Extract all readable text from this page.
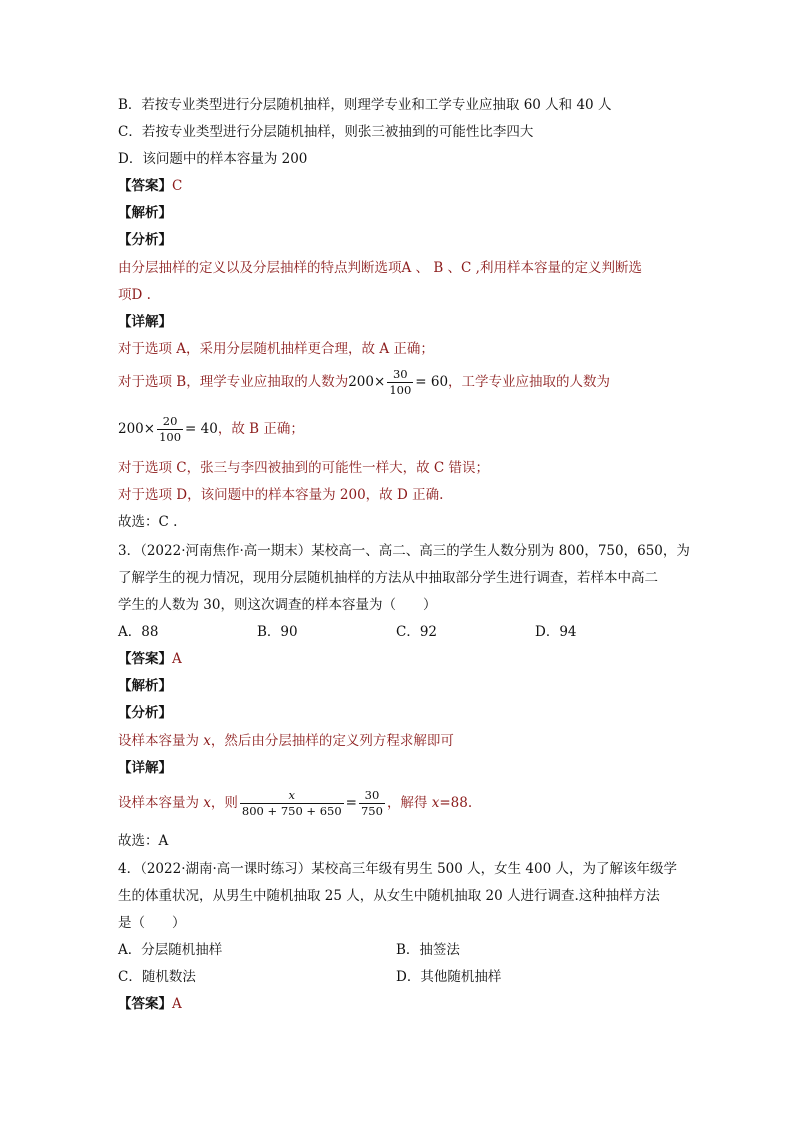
B．若按专业类型进行分层随机抽样，则理学专业和工学专业应抽取 60 人和 40 人
C．若按专业类型进行分层随机抽样，则张三被抽到的可能性比李四大
D．该问题中的样本容量为 200
【答案】C
【解析】
【分析】
由分层抽样的定义以及分层抽样的特点判断选项A 、 B 、C ,利用样本容量的定义判断选
项D .
【详解】
对于选项 A，采用分层随机抽样更合理，故 A 正确；
对于选项 B，理学专业应抽取的人数为$200\times \frac{30}{100} = 60$，工学专业应抽取的人数为
$200\times \frac{20}{100} = 40$，故 B 正确；
对于选项 C，张三与李四被抽到的可能性一样大，故 C 错误；
对于选项 D，该问题中的样本容量为 200，故 D 正确.
故选：C .
3．（2022·河南焦作·高一期末）某校高一、高二、高三的学生人数分别为 800，750，650，为
了解学生的视力情况，现用分层随机抽样的方法从中抽取部分学生进行调查，若样本中高二
学生的人数为 30，则这次调查的样本容量为（　　）
A．88	B．90	C．92	D．94
【答案】A
【解析】
【分析】
设样本容量为 x，然后由分层抽样的定义列方程求解即可
【详解】
设样本容量为 x，则 $\frac{x}{800 + 750 + 650} = \frac{30}{750}$ ，解得 x=88.
故选：A
4．（2022·湖南·高一课时练习）某校高三年级有男生 500 人，女生 400 人，为了解该年级学
生的体重状况，从男生中随机抽取 25 人，从女生中随机抽取 20 人进行调查.这种抽样方法
是（　　）
A．分层随机抽样	B．抽签法
C．随机数法	D．其他随机抽样
【答案】A
